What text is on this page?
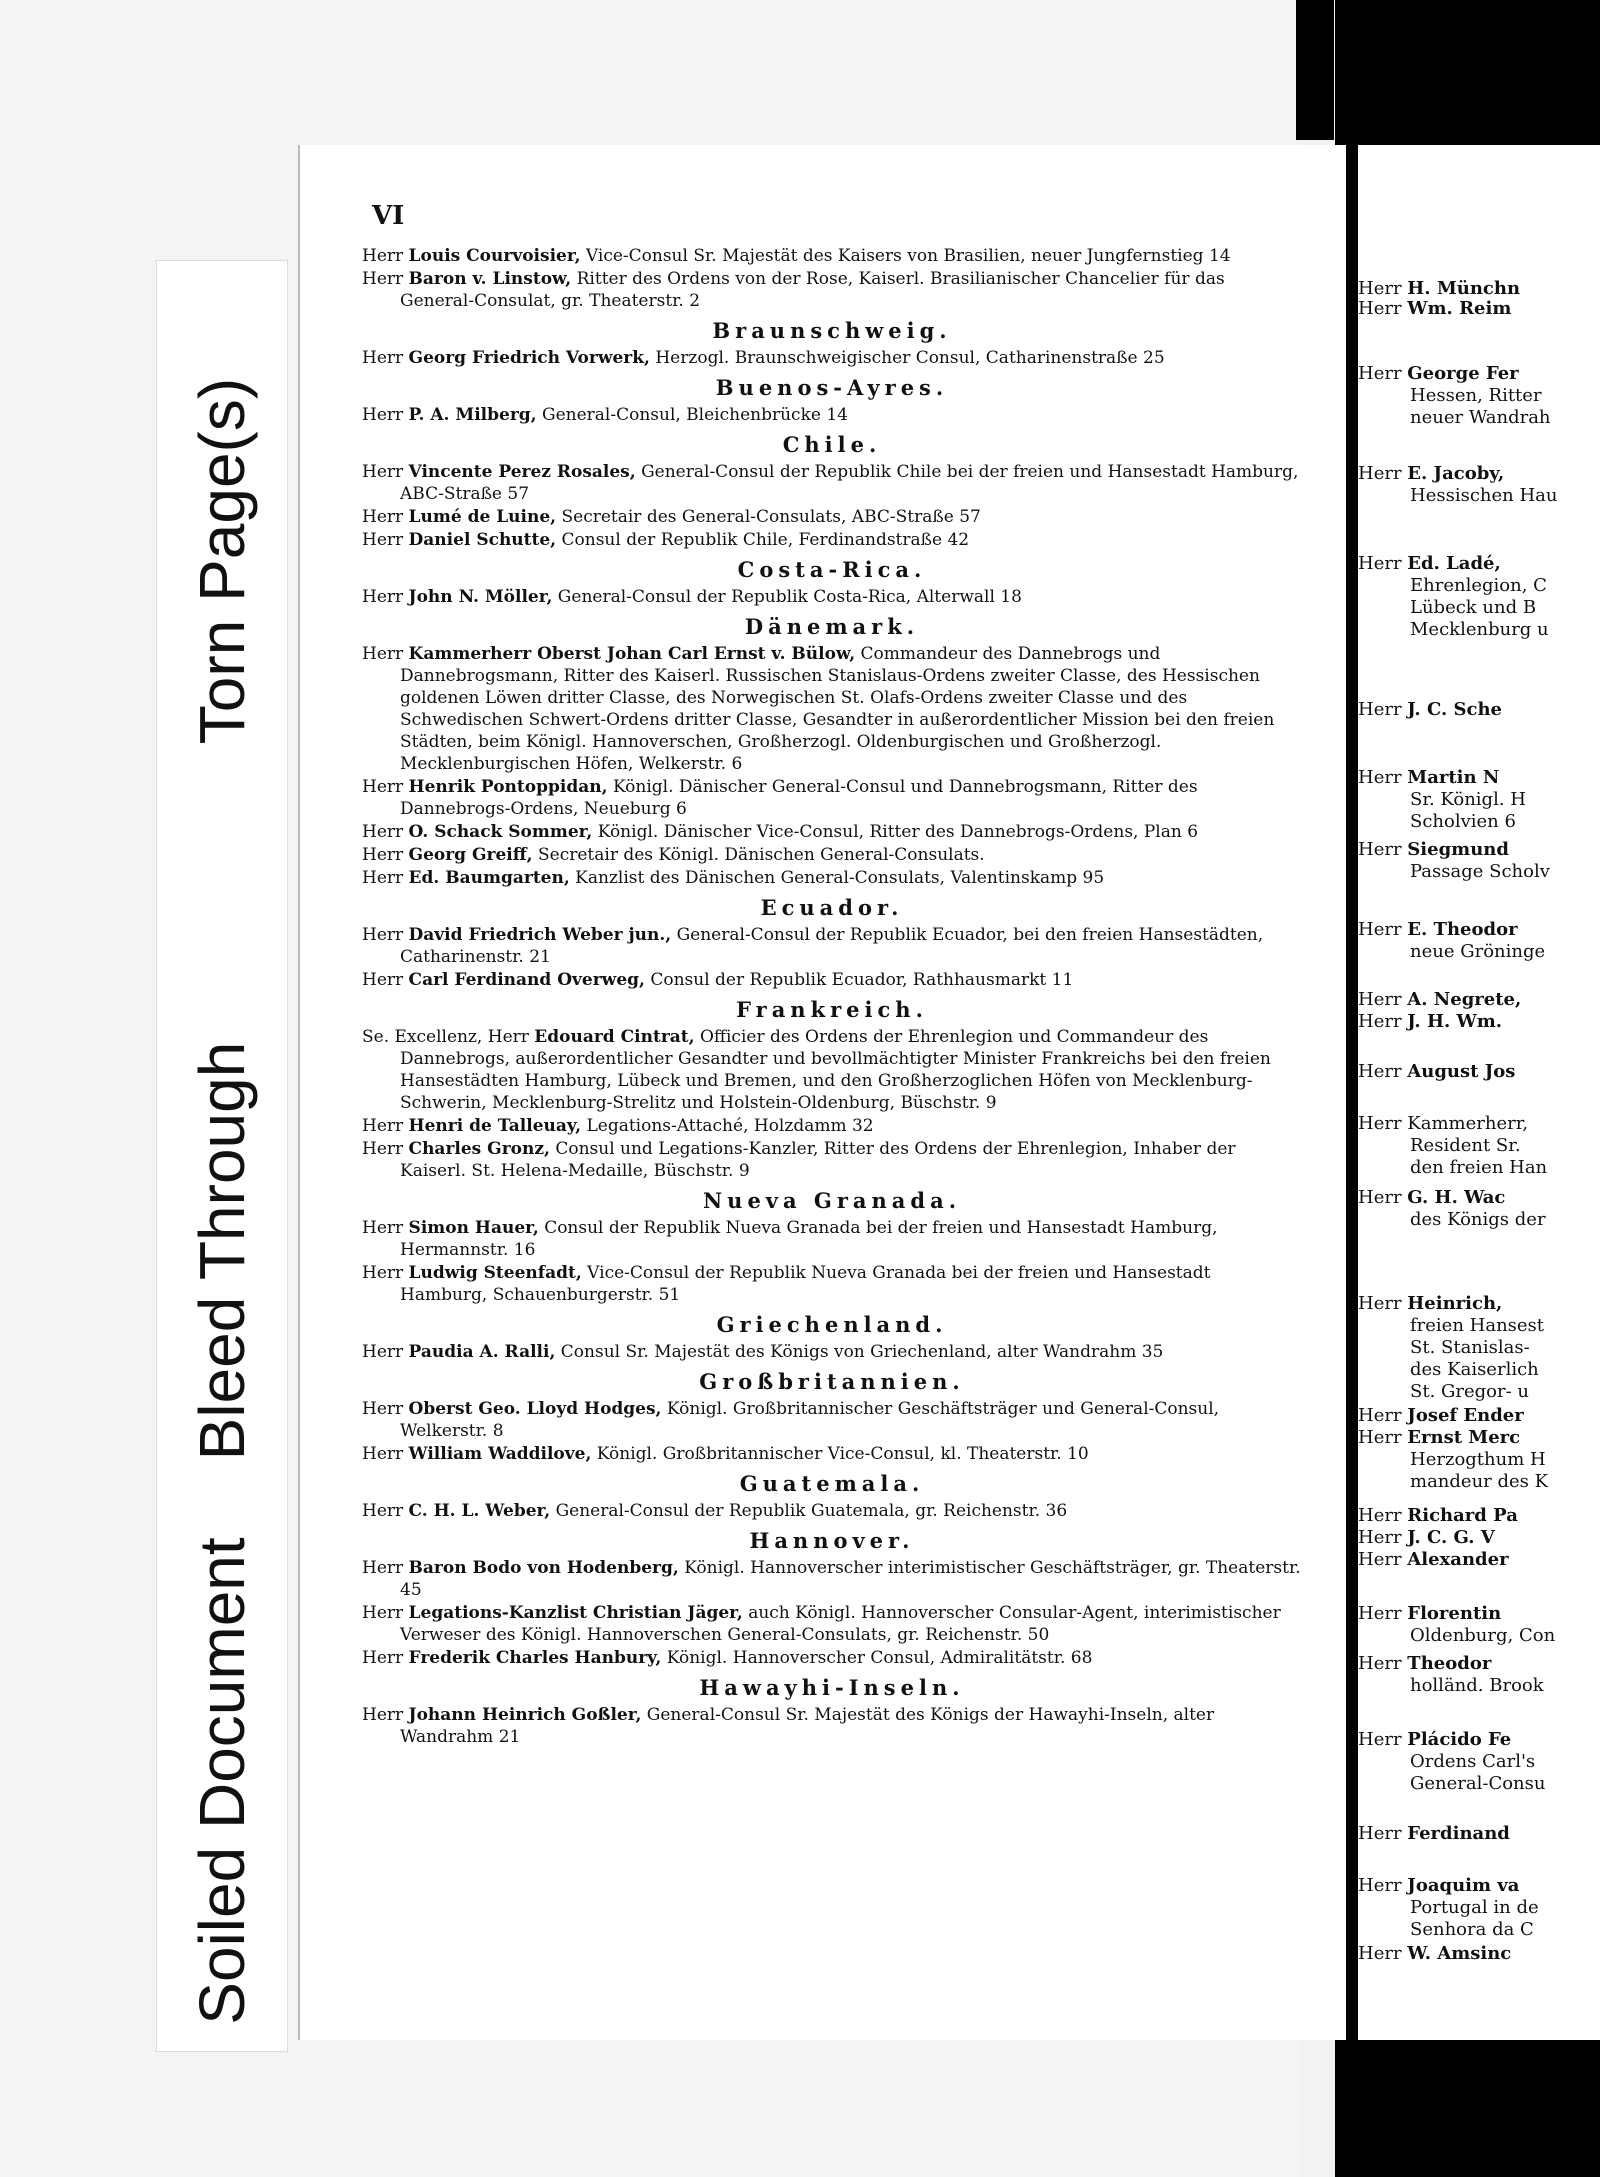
Torn Page(s)
Bleed Through
Soiled Document
VI
Herr Louis Courvoisier, Vice-Consul Sr. Majestät des Kaisers von Brasilien, neuer Jungfernstieg 14
Herr Baron v. Linstow, Ritter des Ordens von der Rose, Kaiserl. Brasilianischer Chancelier für das General-Consulat, gr. Theaterstr. 2
Braunschweig.
Herr Georg Friedrich Vorwerk, Herzogl. Braunschweigischer Consul, Catharinenstraße 25
Buenos-Ayres.
Herr P. A. Milberg, General-Consul, Bleichenbrücke 14
Chile.
Herr Vincente Perez Rosales, General-Consul der Republik Chile bei der freien und Hansestadt Hamburg, ABC-Straße 57
Herr Lumé de Luine, Secretair des General-Consulats, ABC-Straße 57
Herr Daniel Schutte, Consul der Republik Chile, Ferdinandstraße 42
Costa-Rica.
Herr John N. Möller, General-Consul der Republik Costa-Rica, Alterwall 18
Dänemark.
Herr Kammerherr Oberst Johan Carl Ernst v. Bülow, Commandeur des Dannebrogs und Dannebrogsmann, Ritter des Kaiserl. Russischen Stanislaus-Ordens zweiter Classe, des Hessischen goldenen Löwen dritter Classe, des Norwegischen St. Olafs-Ordens zweiter Classe und des Schwedischen Schwert-Ordens dritter Classe, Gesandter in außerordentlicher Mission bei den freien Städten, beim Königl. Hannoverschen, Großherzogl. Oldenburgischen und Großherzogl. Mecklenburgischen Höfen, Welkerstr. 6
Herr Henrik Pontoppidan, Königl. Dänischer General-Consul und Dannebrogsmann, Ritter des Dannebrogs-Ordens, Neueburg 6
Herr O. Schack Sommer, Königl. Dänischer Vice-Consul, Ritter des Dannebrogs-Ordens, Plan 6
Herr Georg Greiff, Secretair des Königl. Dänischen General-Consulats.
Herr Ed. Baumgarten, Kanzlist des Dänischen General-Consulats, Valentinskamp 95
Ecuador.
Herr David Friedrich Weber jun., General-Consul der Republik Ecuador, bei den freien Hansestädten, Catharinenstr. 21
Herr Carl Ferdinand Overweg, Consul der Republik Ecuador, Rathhausmarkt 11
Frankreich.
Se. Excellenz, Herr Edouard Cintrat, Officier des Ordens der Ehrenlegion und Commandeur des Dannebrogs, außerordentlicher Gesandter und bevollmächtigter Minister Frankreichs bei den freien Hansestädten Hamburg, Lübeck und Bremen, und den Großherzoglichen Höfen von Mecklenburg-Schwerin, Mecklenburg-Strelitz und Holstein-Oldenburg, Büschstr. 9
Herr Henri de Talleuay, Legations-Attaché, Holzdamm 32
Herr Charles Gronz, Consul und Legations-Kanzler, Ritter des Ordens der Ehrenlegion, Inhaber der Kaiserl. St. Helena-Medaille, Büschstr. 9
Nueva Granada.
Herr Simon Hauer, Consul der Republik Nueva Granada bei der freien und Hansestadt Hamburg, Hermannstr. 16
Herr Ludwig Steenfadt, Vice-Consul der Republik Nueva Granada bei der freien und Hansestadt Hamburg, Schauenburgerstr. 51
Griechenland.
Herr Paudia A. Ralli, Consul Sr. Majestät des Königs von Griechenland, alter Wandrahm 35
Großbritannien.
Herr Oberst Geo. Lloyd Hodges, Königl. Großbritannischer Geschäftsträger und General-Consul, Welkerstr. 8
Herr William Waddilove, Königl. Großbritannischer Vice-Consul, kl. Theaterstr. 10
Guatemala.
Herr C. H. L. Weber, General-Consul der Republik Guatemala, gr. Reichenstr. 36
Hannover.
Herr Baron Bodo von Hodenberg, Königl. Hannoverscher interimistischer Geschäftsträger, gr. Theaterstr. 45
Herr Legations-Kanzlist Christian Jäger, auch Königl. Hannoverscher Consular-Agent, interimistischer Verweser des Königl. Hannoverschen General-Consulats, gr. Reichenstr. 50
Herr Frederik Charles Hanbury, Königl. Hannoverscher Consul, Admiralitätstr. 68
Hawayhi-Inseln.
Herr Johann Heinrich Goßler, General-Consul Sr. Majestät des Königs der Hawayhi-Inseln, alter Wandrahm 21
Herr H. Münchn
Herr Wm. Reim
Herr George Fer
Hessen, Ritter
neuer Wandrah
Herr E. Jacoby,
Hessischen Hau
Herr Ed. Ladé,
Ehrenlegion, C
Lübeck und B
Mecklenburg u
Herr J. C. Sche
Herr Martin N
Sr. Königl. H
Scholvien 6
Herr Siegmund
Passage Scholv
Herr E. Theodor
neue Gröninge
Herr A. Negrete,
Herr J. H. Wm.
Herr August Jos
Herr Kammerherr,
Resident Sr.
den freien Han
Herr G. H. Wac
des Königs der
Herr Heinrich,
freien Hansest
St. Stanislas-
des Kaiserlich
St. Gregor- u
Herr Josef Ender
Herr Ernst Merc
Herzogthum H
mandeur des K
Herr Richard Pa
Herr J. C. G. V
Herr Alexander
Herr Florentin
Oldenburg, Con
Herr Theodor
holländ. Brook
Herr Plácido Fe
Ordens Carl's
General-Consu
Herr Ferdinand
Herr Joaquim va
Portugal in de
Senhora da C
Herr W. Amsinc
